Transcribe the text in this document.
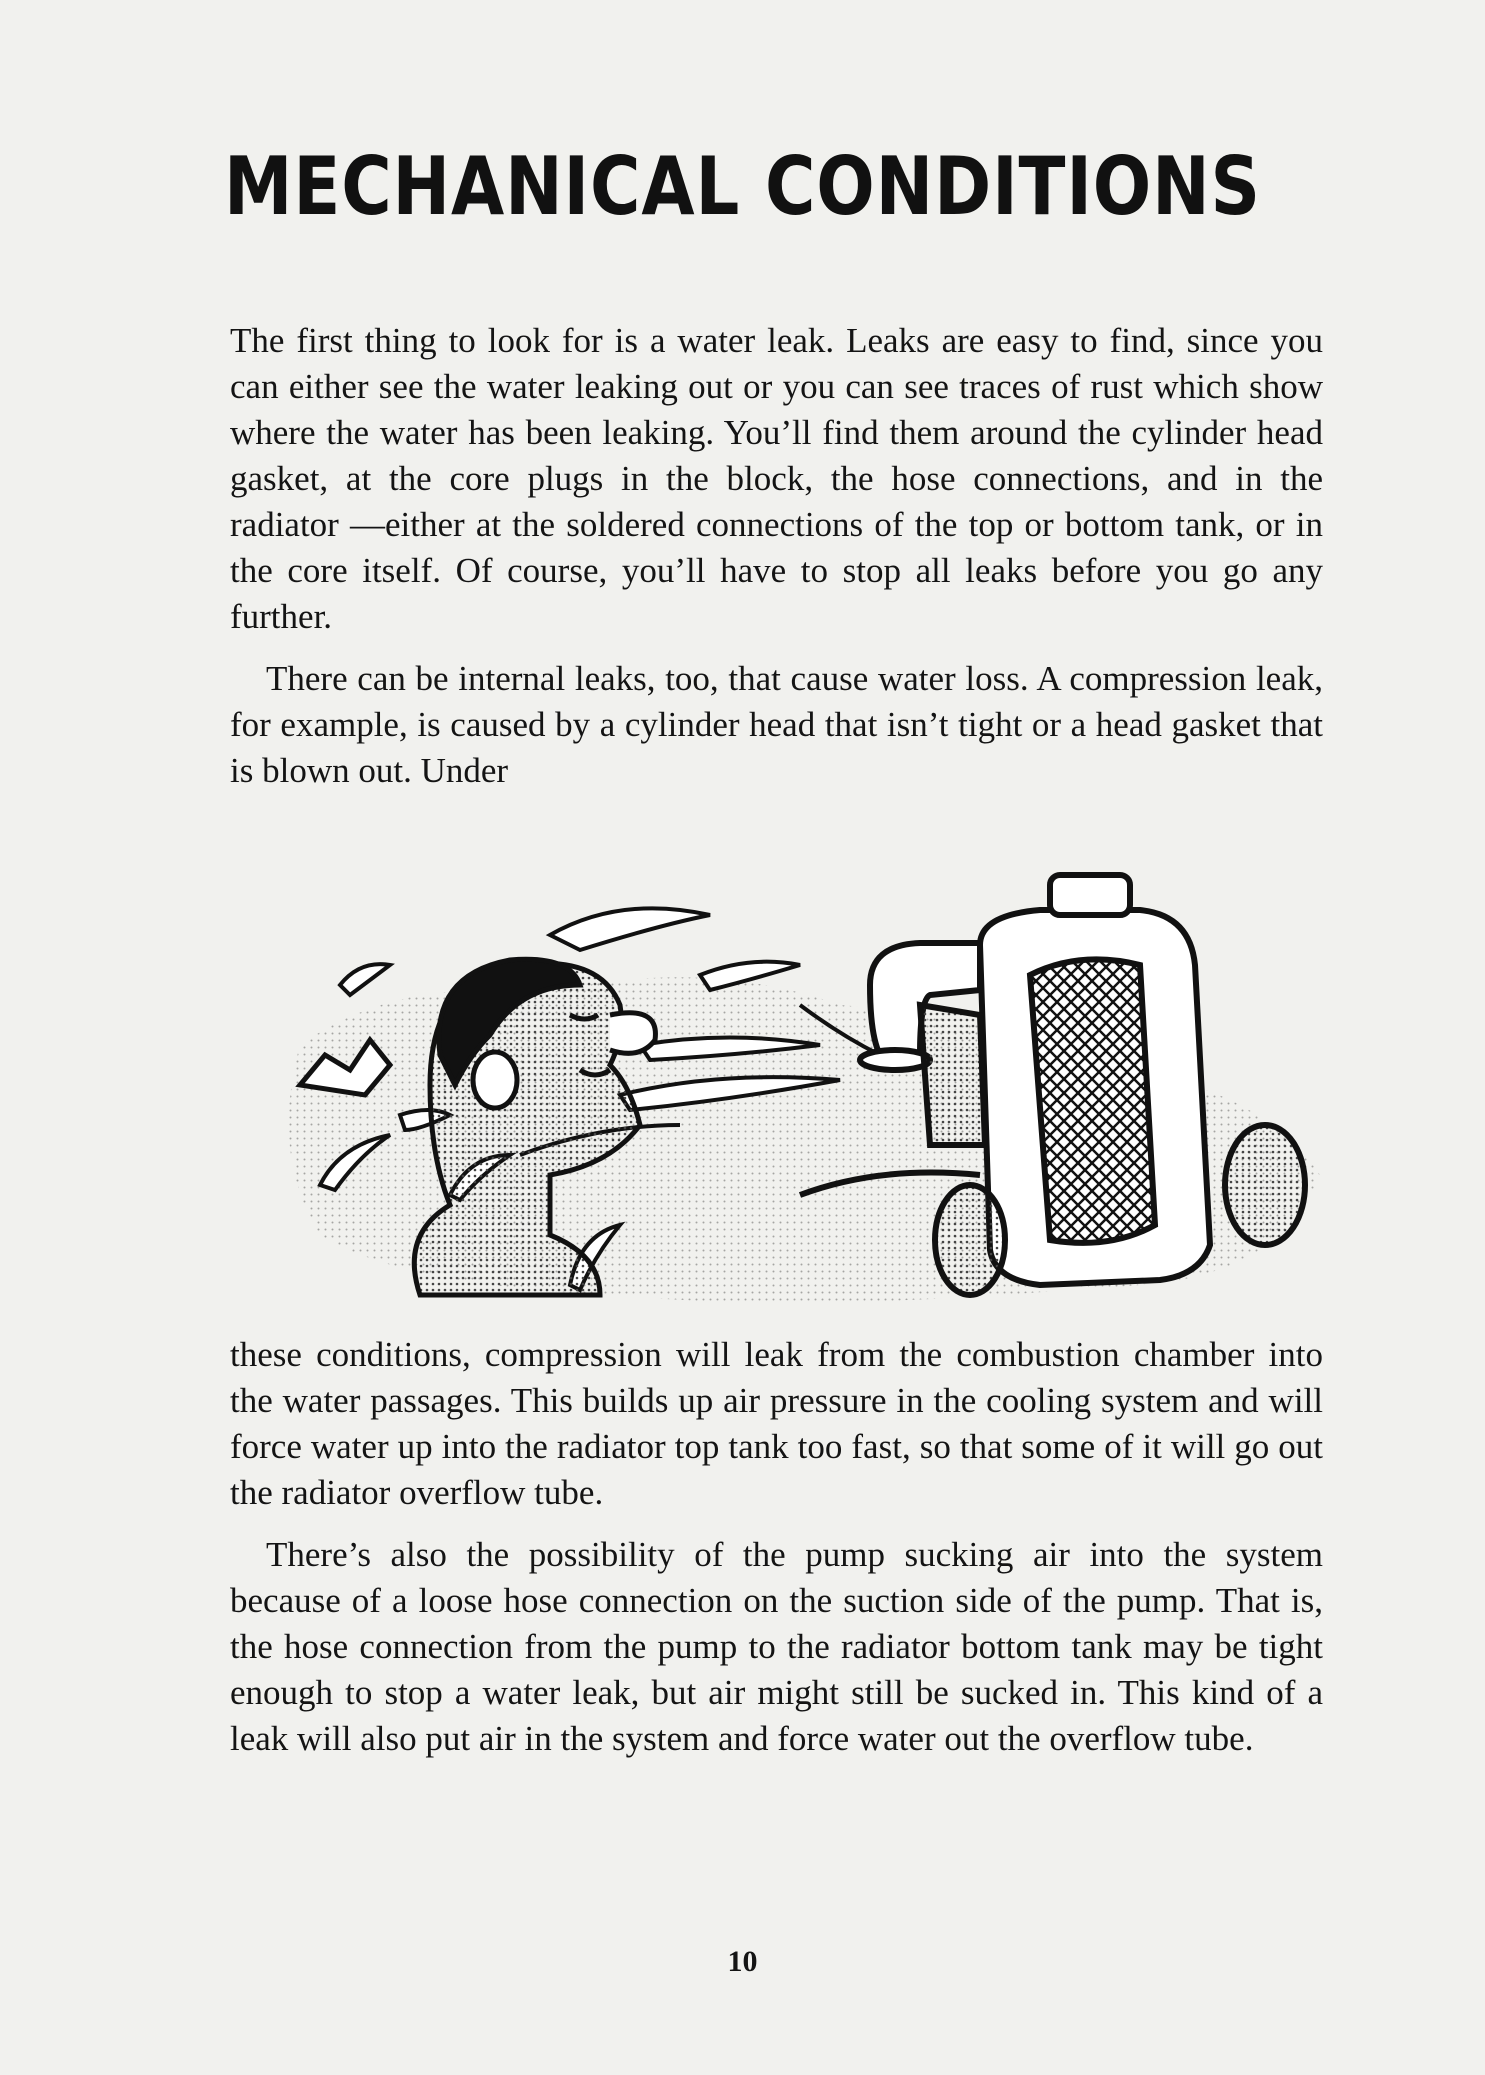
MECHANICAL CONDITIONS

The first thing to look for is a water leak. Leaks are easy to find, since you can either see the water leaking out or you can see traces of rust which show where the water has been leaking. You’ll find them around the cylinder head gasket, at the core plugs in the block, the hose connections, and in the radiator —either at the soldered connections of the top or bottom tank, or in the core itself. Of course, you’ll have to stop all leaks before you go any further.

There can be internal leaks, too, that cause water loss. A compression leak, for example, is caused by a cylinder head that isn’t tight or a head gasket that is blown out. Under

these conditions, compression will leak from the combustion chamber into the water passages. This builds up air pressure in the cooling system and will force water up into the radiator top tank too fast, so that some of it will go out the radiator overflow tube.

There’s also the possibility of the pump sucking air into the system because of a loose hose connection on the suction side of the pump. That is, the hose connection from the pump to the radiator bottom tank may be tight enough to stop a water leak, but air might still be sucked in. This kind of a leak will also put air in the system and force water out the overflow tube.

10
